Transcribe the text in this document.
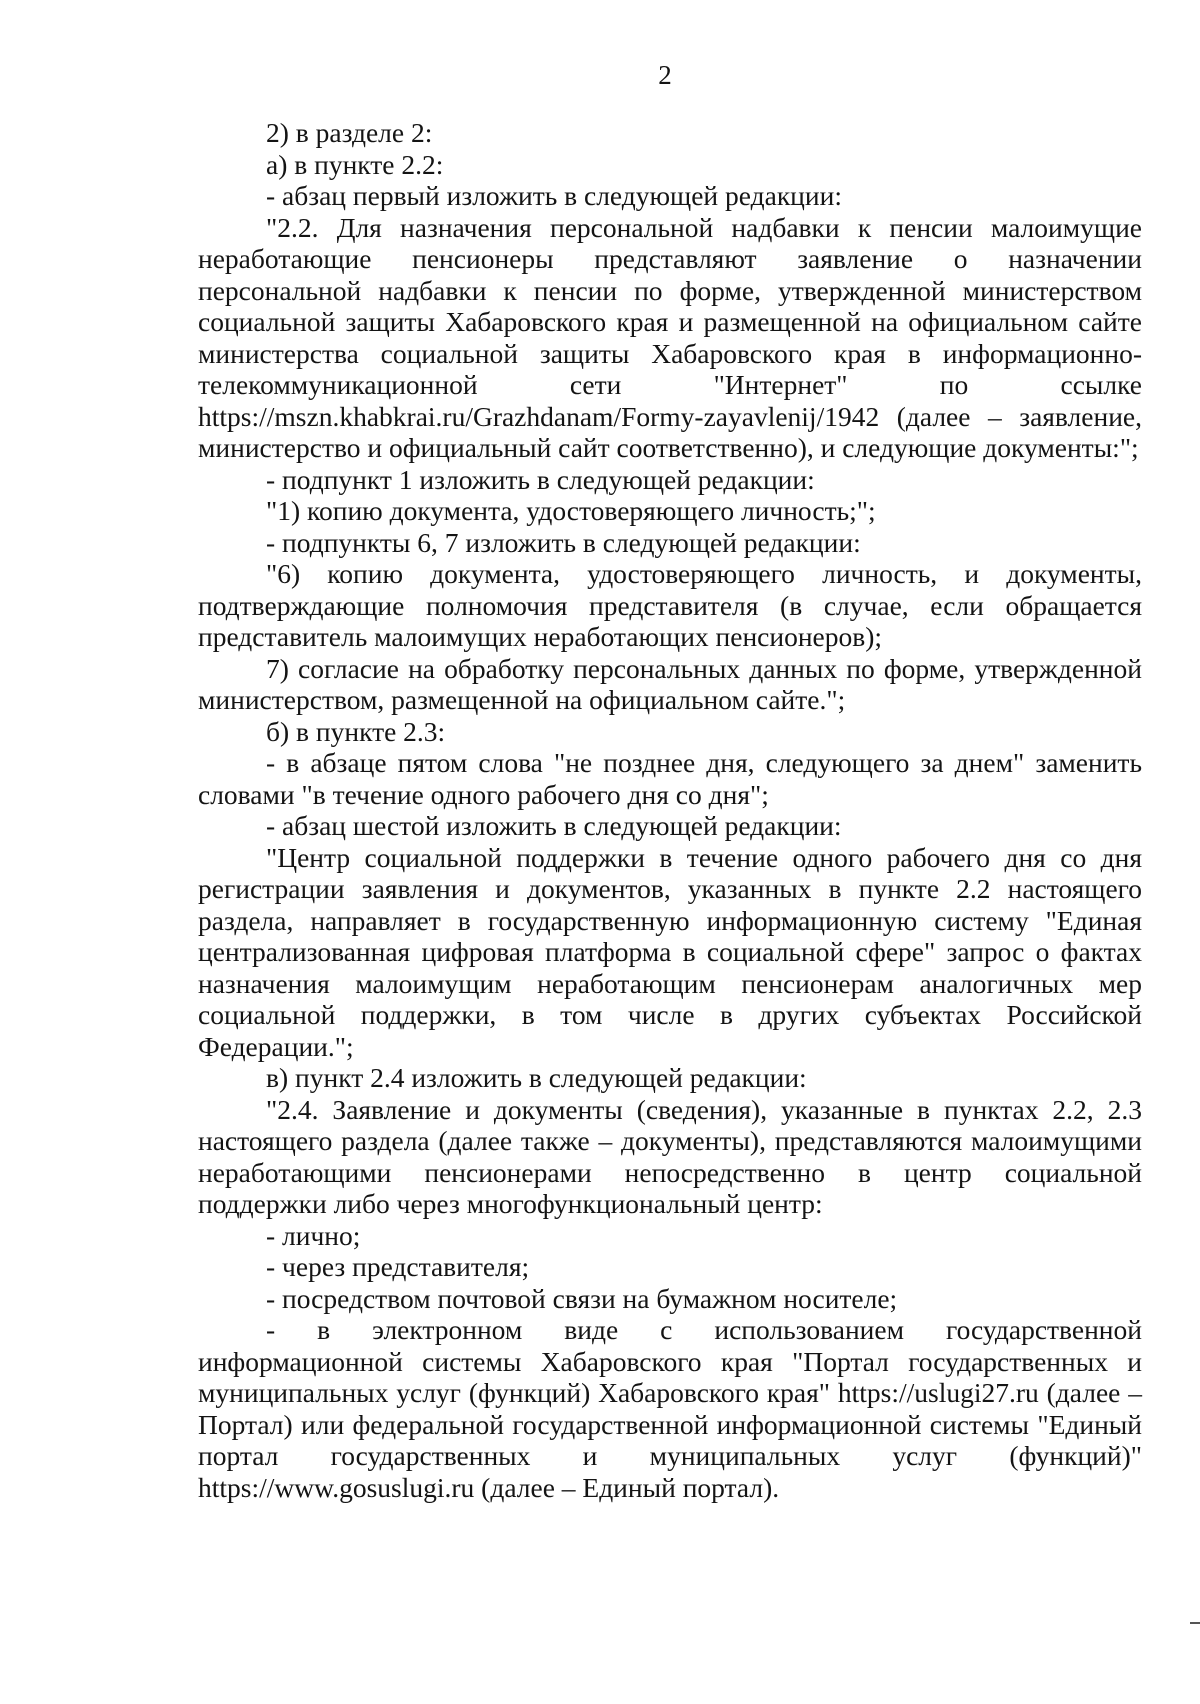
2

2) в разделе 2:

а) в пункте 2.2:

- абзац первый изложить в следующей редакции:

"2.2. Для назначения персональной надбавки к пенсии малоимущие неработающие пенсионеры представляют заявление о назначении персональной надбавки к пенсии по форме, утвержденной министерством социальной защиты Хабаровского края и размещенной на официальном сайте министерства социальной защиты Хабаровского края в информационно-телекоммуникационной сети "Интернет" по ссылке https://mszn.khabkrai.ru/Grazhdanam/Formy-zayavlenij/1942 (далее – заявление, министерство и официальный сайт соответственно), и следующие документы:";

- подпункт 1 изложить в следующей редакции:

"1) копию документа, удостоверяющего личность;";

- подпункты 6, 7 изложить в следующей редакции:

"6) копию документа, удостоверяющего личность, и документы, подтверждающие полномочия представителя (в случае, если обращается представитель малоимущих неработающих пенсионеров);

7) согласие на обработку персональных данных по форме, утвержденной министерством, размещенной на официальном сайте.";

б) в пункте 2.3:

- в абзаце пятом слова "не позднее дня, следующего за днем" заменить словами "в течение одного рабочего дня со дня";

- абзац шестой изложить в следующей редакции:

"Центр социальной поддержки в течение одного рабочего дня со дня регистрации заявления и документов, указанных в пункте 2.2 настоящего раздела, направляет в государственную информационную систему "Единая централизованная цифровая платформа в социальной сфере" запрос о фактах назначения малоимущим неработающим пенсионерам аналогичных мер социальной поддержки, в том числе в других субъектах Российской Федерации.";

в) пункт 2.4 изложить в следующей редакции:

"2.4. Заявление и документы (сведения), указанные в пунктах 2.2, 2.3 настоящего раздела (далее также – документы), представляются малоимущими неработающими пенсионерами непосредственно в центр социальной поддержки либо через многофункциональный центр:

- лично;

- через представителя;

- посредством почтовой связи на бумажном носителе;

- в электронном виде с использованием государственной информационной системы Хабаровского края "Портал государственных и муниципальных услуг (функций) Хабаровского края" https://uslugi27.ru (далее – Портал) или федеральной государственной информационной системы "Единый портал государственных и муниципальных услуг (функций)" https://www.gosuslugi.ru (далее – Единый портал).
